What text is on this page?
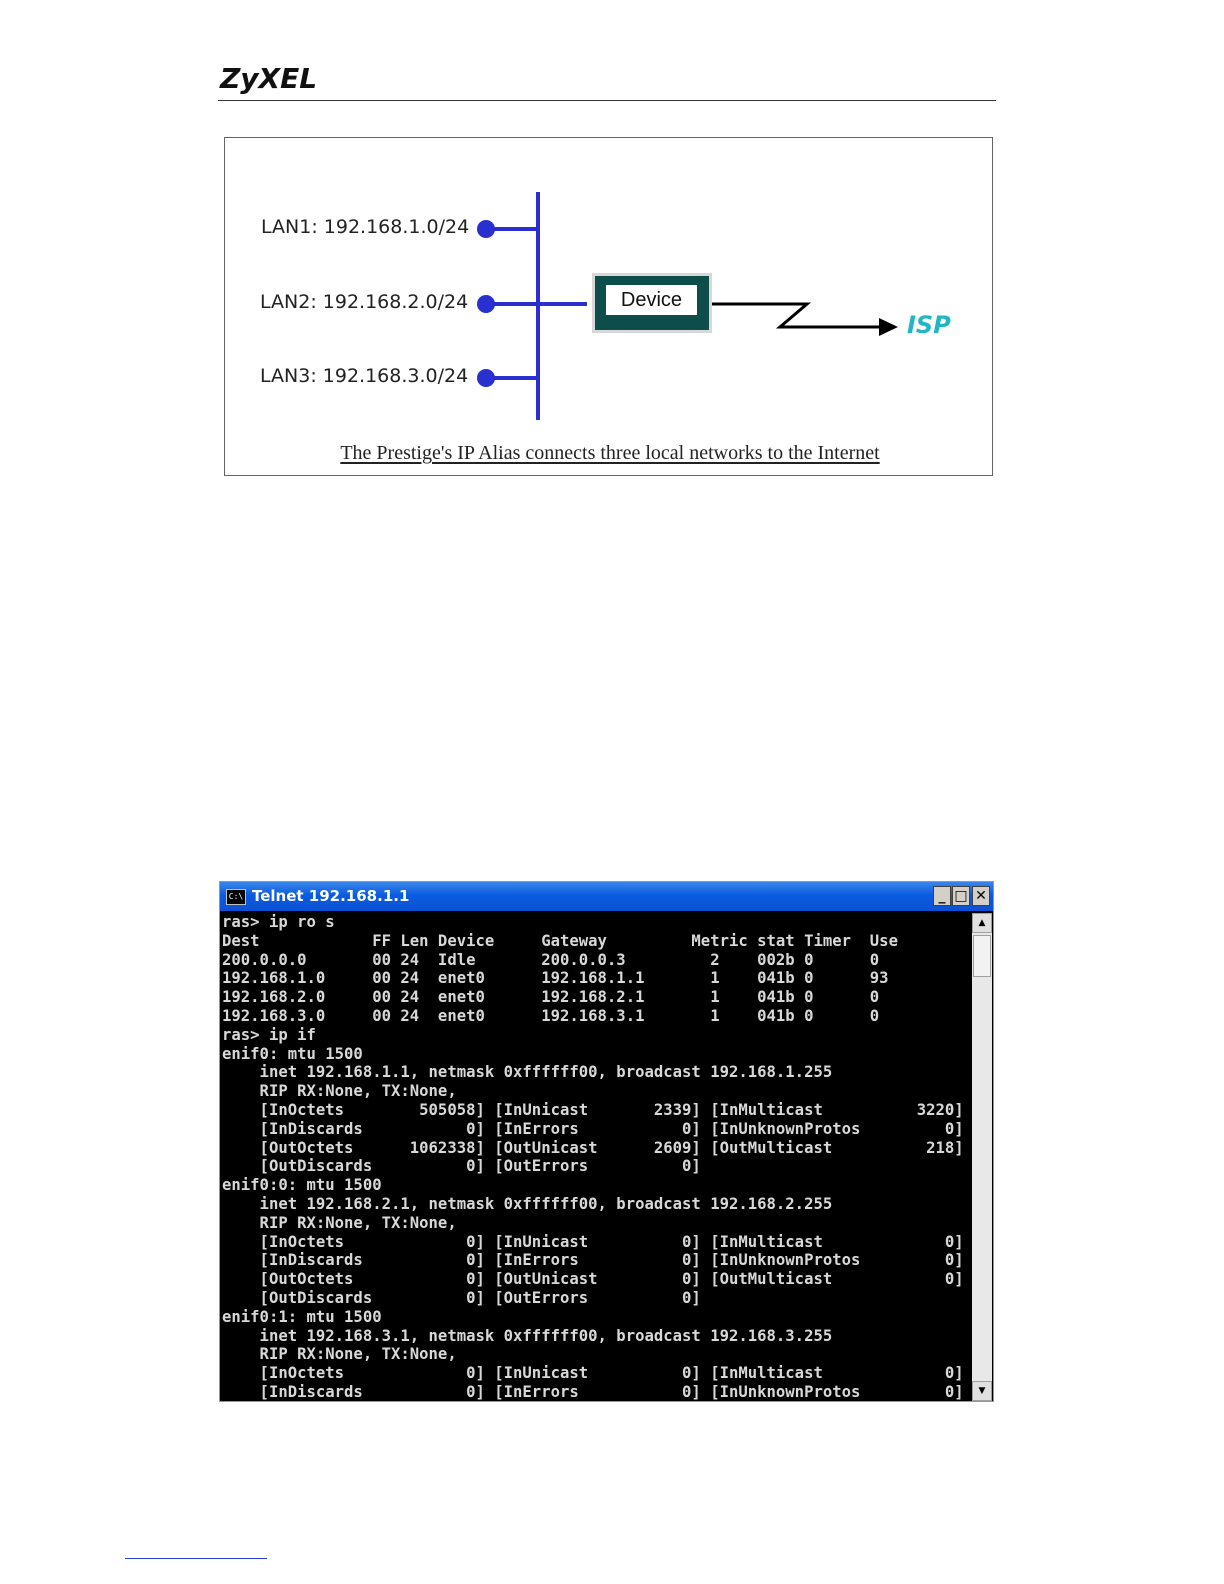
ZyXEL
LAN1: 192.168.1.0/24
LAN2: 192.168.2.0/24
LAN3: 192.168.3.0/24
Device
ISP
The Prestige's IP Alias connects three local networks to the Internet
C:\ Telnet 192.168.1.1	_ □ ✕
ras> ip ro s
Dest            FF Len Device     Gateway         Metric stat Timer  Use
200.0.0.0       00 24  Idle       200.0.0.3         2    002b 0      0
192.168.1.0     00 24  enet0      192.168.1.1       1    041b 0      93
192.168.2.0     00 24  enet0      192.168.2.1       1    041b 0      0
192.168.3.0     00 24  enet0      192.168.3.1       1    041b 0      0
ras> ip if
enif0: mtu 1500
inet 192.168.1.1, netmask 0xffffff00, broadcast 192.168.1.255
RIP RX:None, TX:None,
[InOctets        505058] [InUnicast       2339] [InMulticast          3220]
[InDiscards           0] [InErrors           0] [InUnknownProtos         0]
[OutOctets      1062338] [OutUnicast      2609] [OutMulticast          218]
[OutDiscards          0] [OutErrors          0]
enif0:0: mtu 1500
inet 192.168.2.1, netmask 0xffffff00, broadcast 192.168.2.255
RIP RX:None, TX:None,
[InOctets             0] [InUnicast          0] [InMulticast             0]
[InDiscards           0] [InErrors           0] [InUnknownProtos         0]
[OutOctets            0] [OutUnicast         0] [OutMulticast            0]
[OutDiscards          0] [OutErrors          0]
enif0:1: mtu 1500
inet 192.168.3.1, netmask 0xffffff00, broadcast 192.168.3.255
RIP RX:None, TX:None,
[InOctets             0] [InUnicast          0] [InMulticast             0]
[InDiscards           0] [InErrors           0] [InUnknownProtos         0]
▲
▼
